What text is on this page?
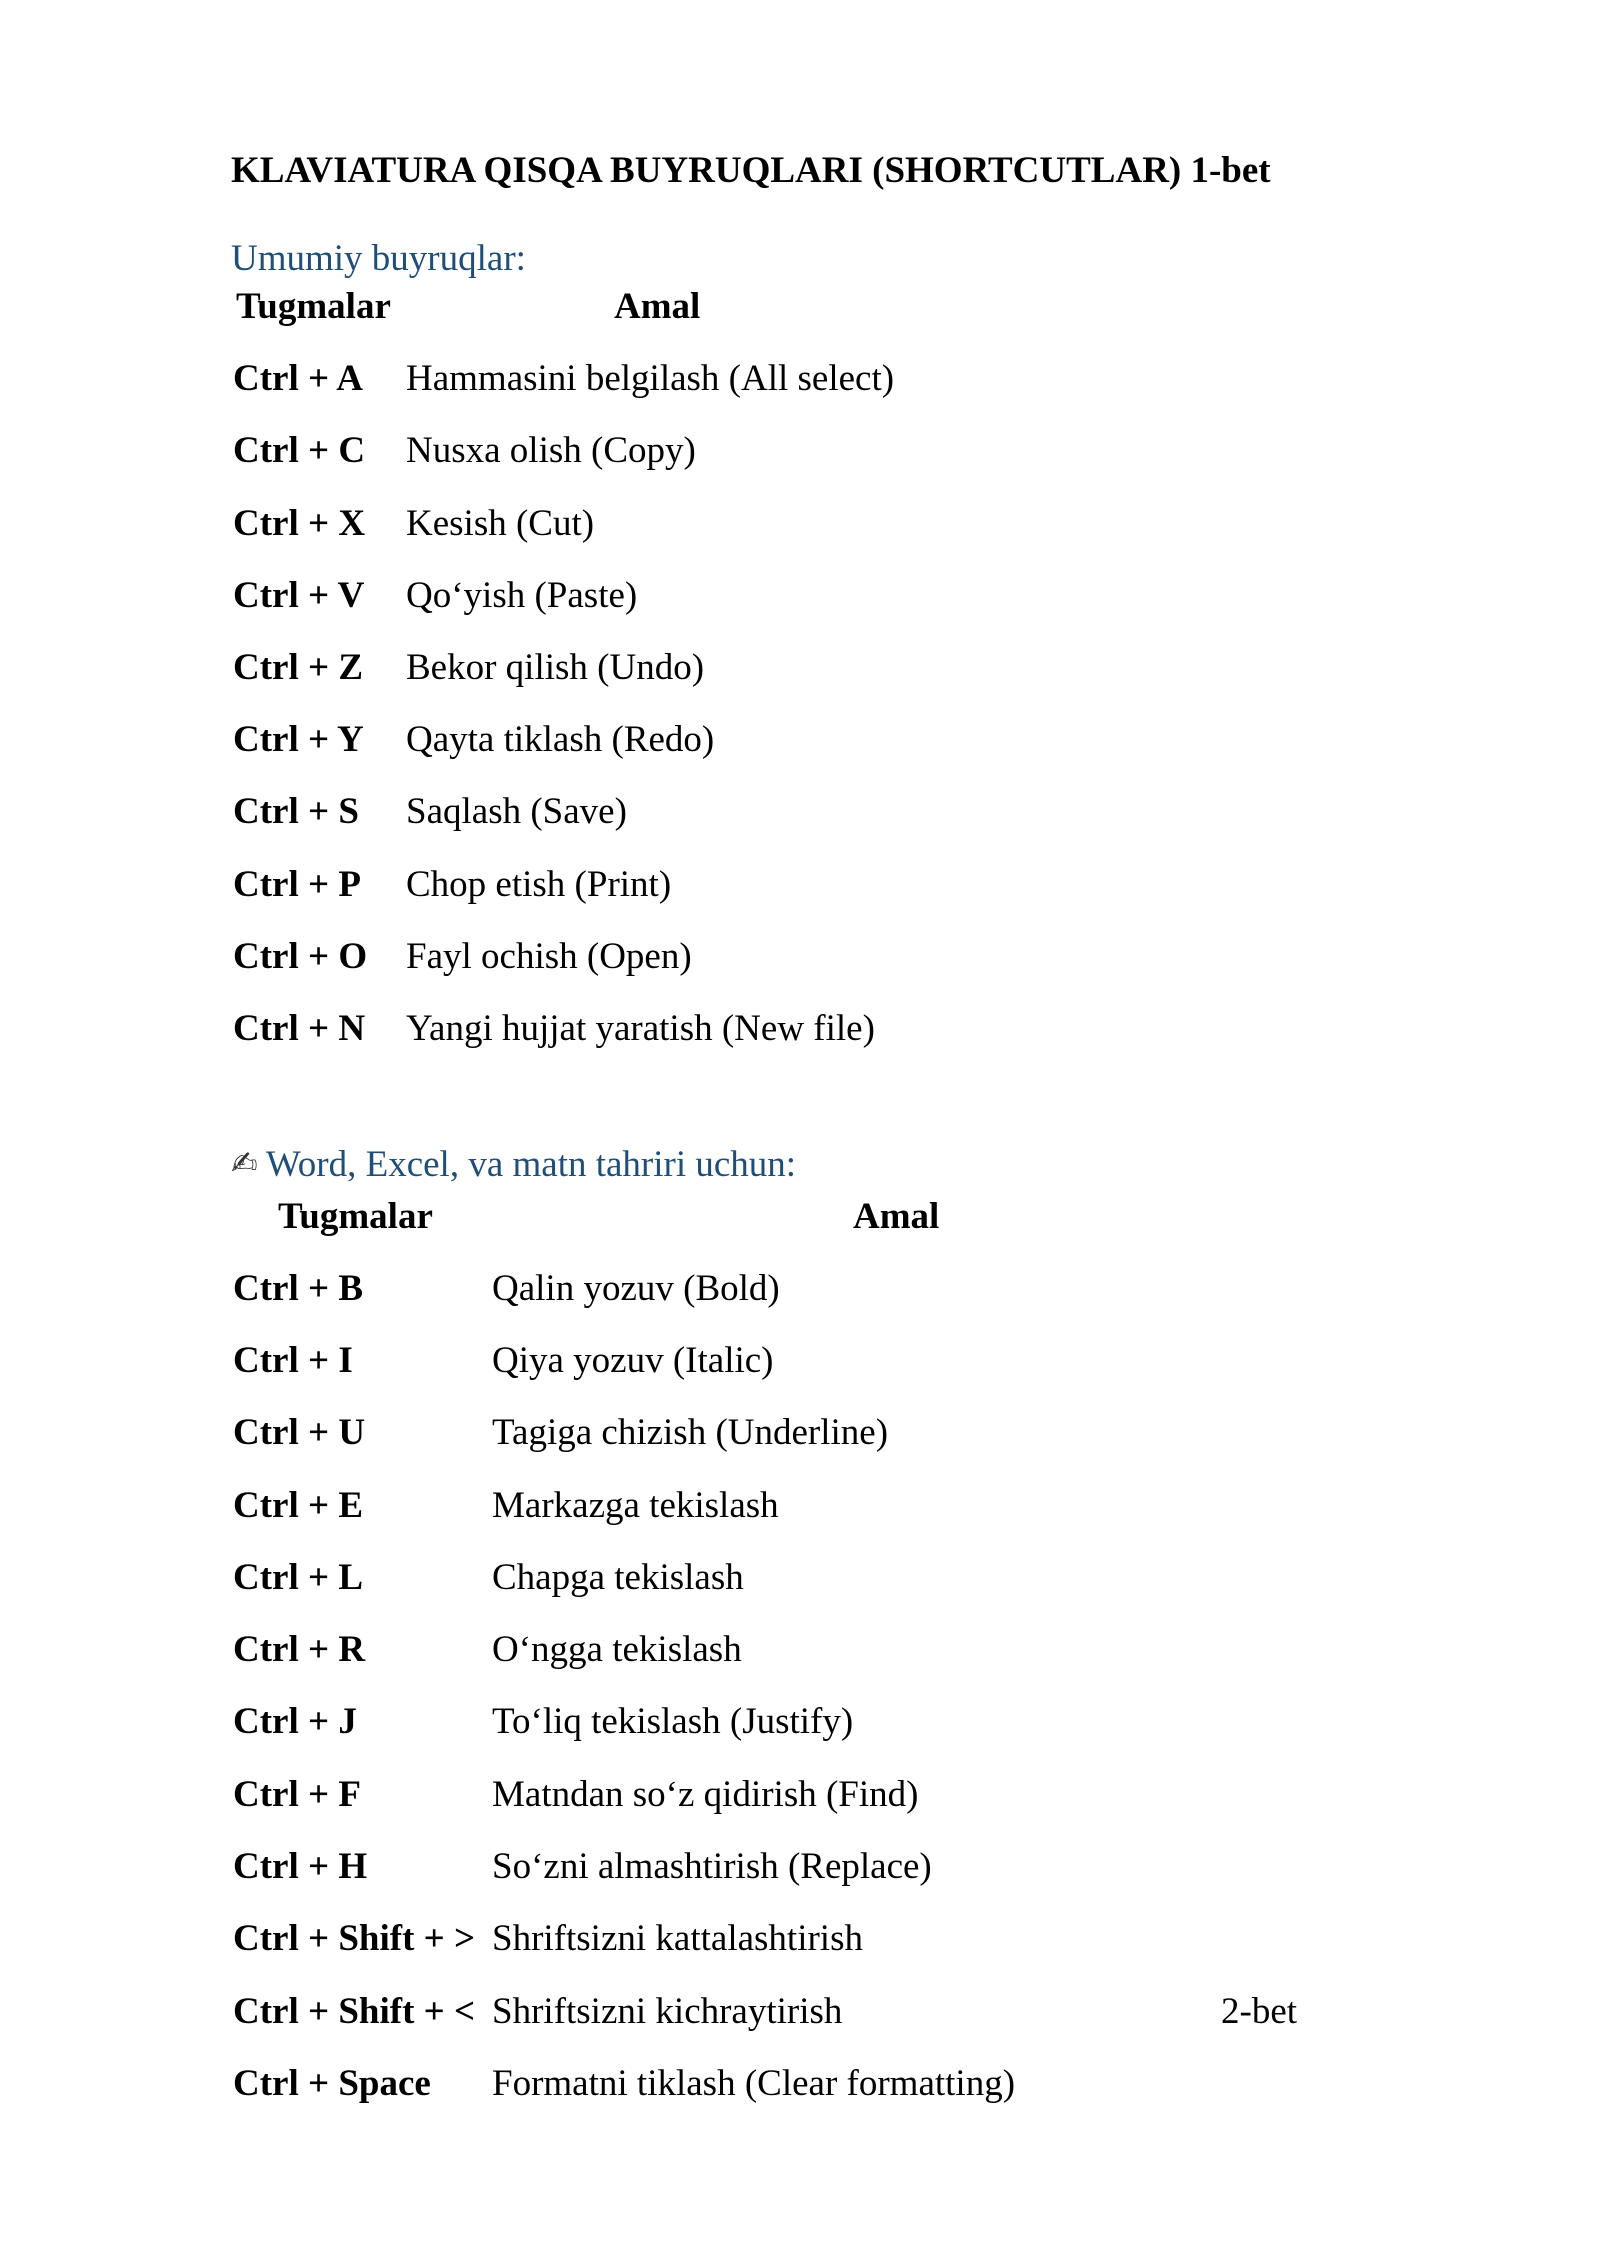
KLAVIATURA QISQA BUYRUQLARI (SHORTCUTLAR) 1-bet
Umumiy buyruqlar:
Tugmalar	Amal
Ctrl + A Hammasini belgilash (All select)
Ctrl + C Nusxa olish (Copy)
Ctrl + X Kesish (Cut)
Ctrl + V Qo‘yish (Paste)
Ctrl + Z Bekor qilish (Undo)
Ctrl + Y Qayta tiklash (Redo)
Ctrl + S Saqlash (Save)
Ctrl + P Chop etish (Print)
Ctrl + O Fayl ochish (Open)
Ctrl + N Yangi hujjat yaratish (New file)
✍ Word, Excel, va matn tahriri uchun:
Tugmalar	Amal
Ctrl + B	Qalin yozuv (Bold)
Ctrl + I	Qiya yozuv (Italic)
Ctrl + U	Tagiga chizish (Underline)
Ctrl + E	Markazga tekislash
Ctrl + L	Chapga tekislash
Ctrl + R	O‘ngga tekislash
Ctrl + J	To‘liq tekislash (Justify)
Ctrl + F	Matndan so‘z qidirish (Find)
Ctrl + H	So‘zni almashtirish (Replace)
Ctrl + Shift + > Shriftsizni kattalashtirish
Ctrl + Shift + < Shriftsizni kichraytirish
Ctrl + Space Formatni tiklash (Clear formatting)
2-bet
